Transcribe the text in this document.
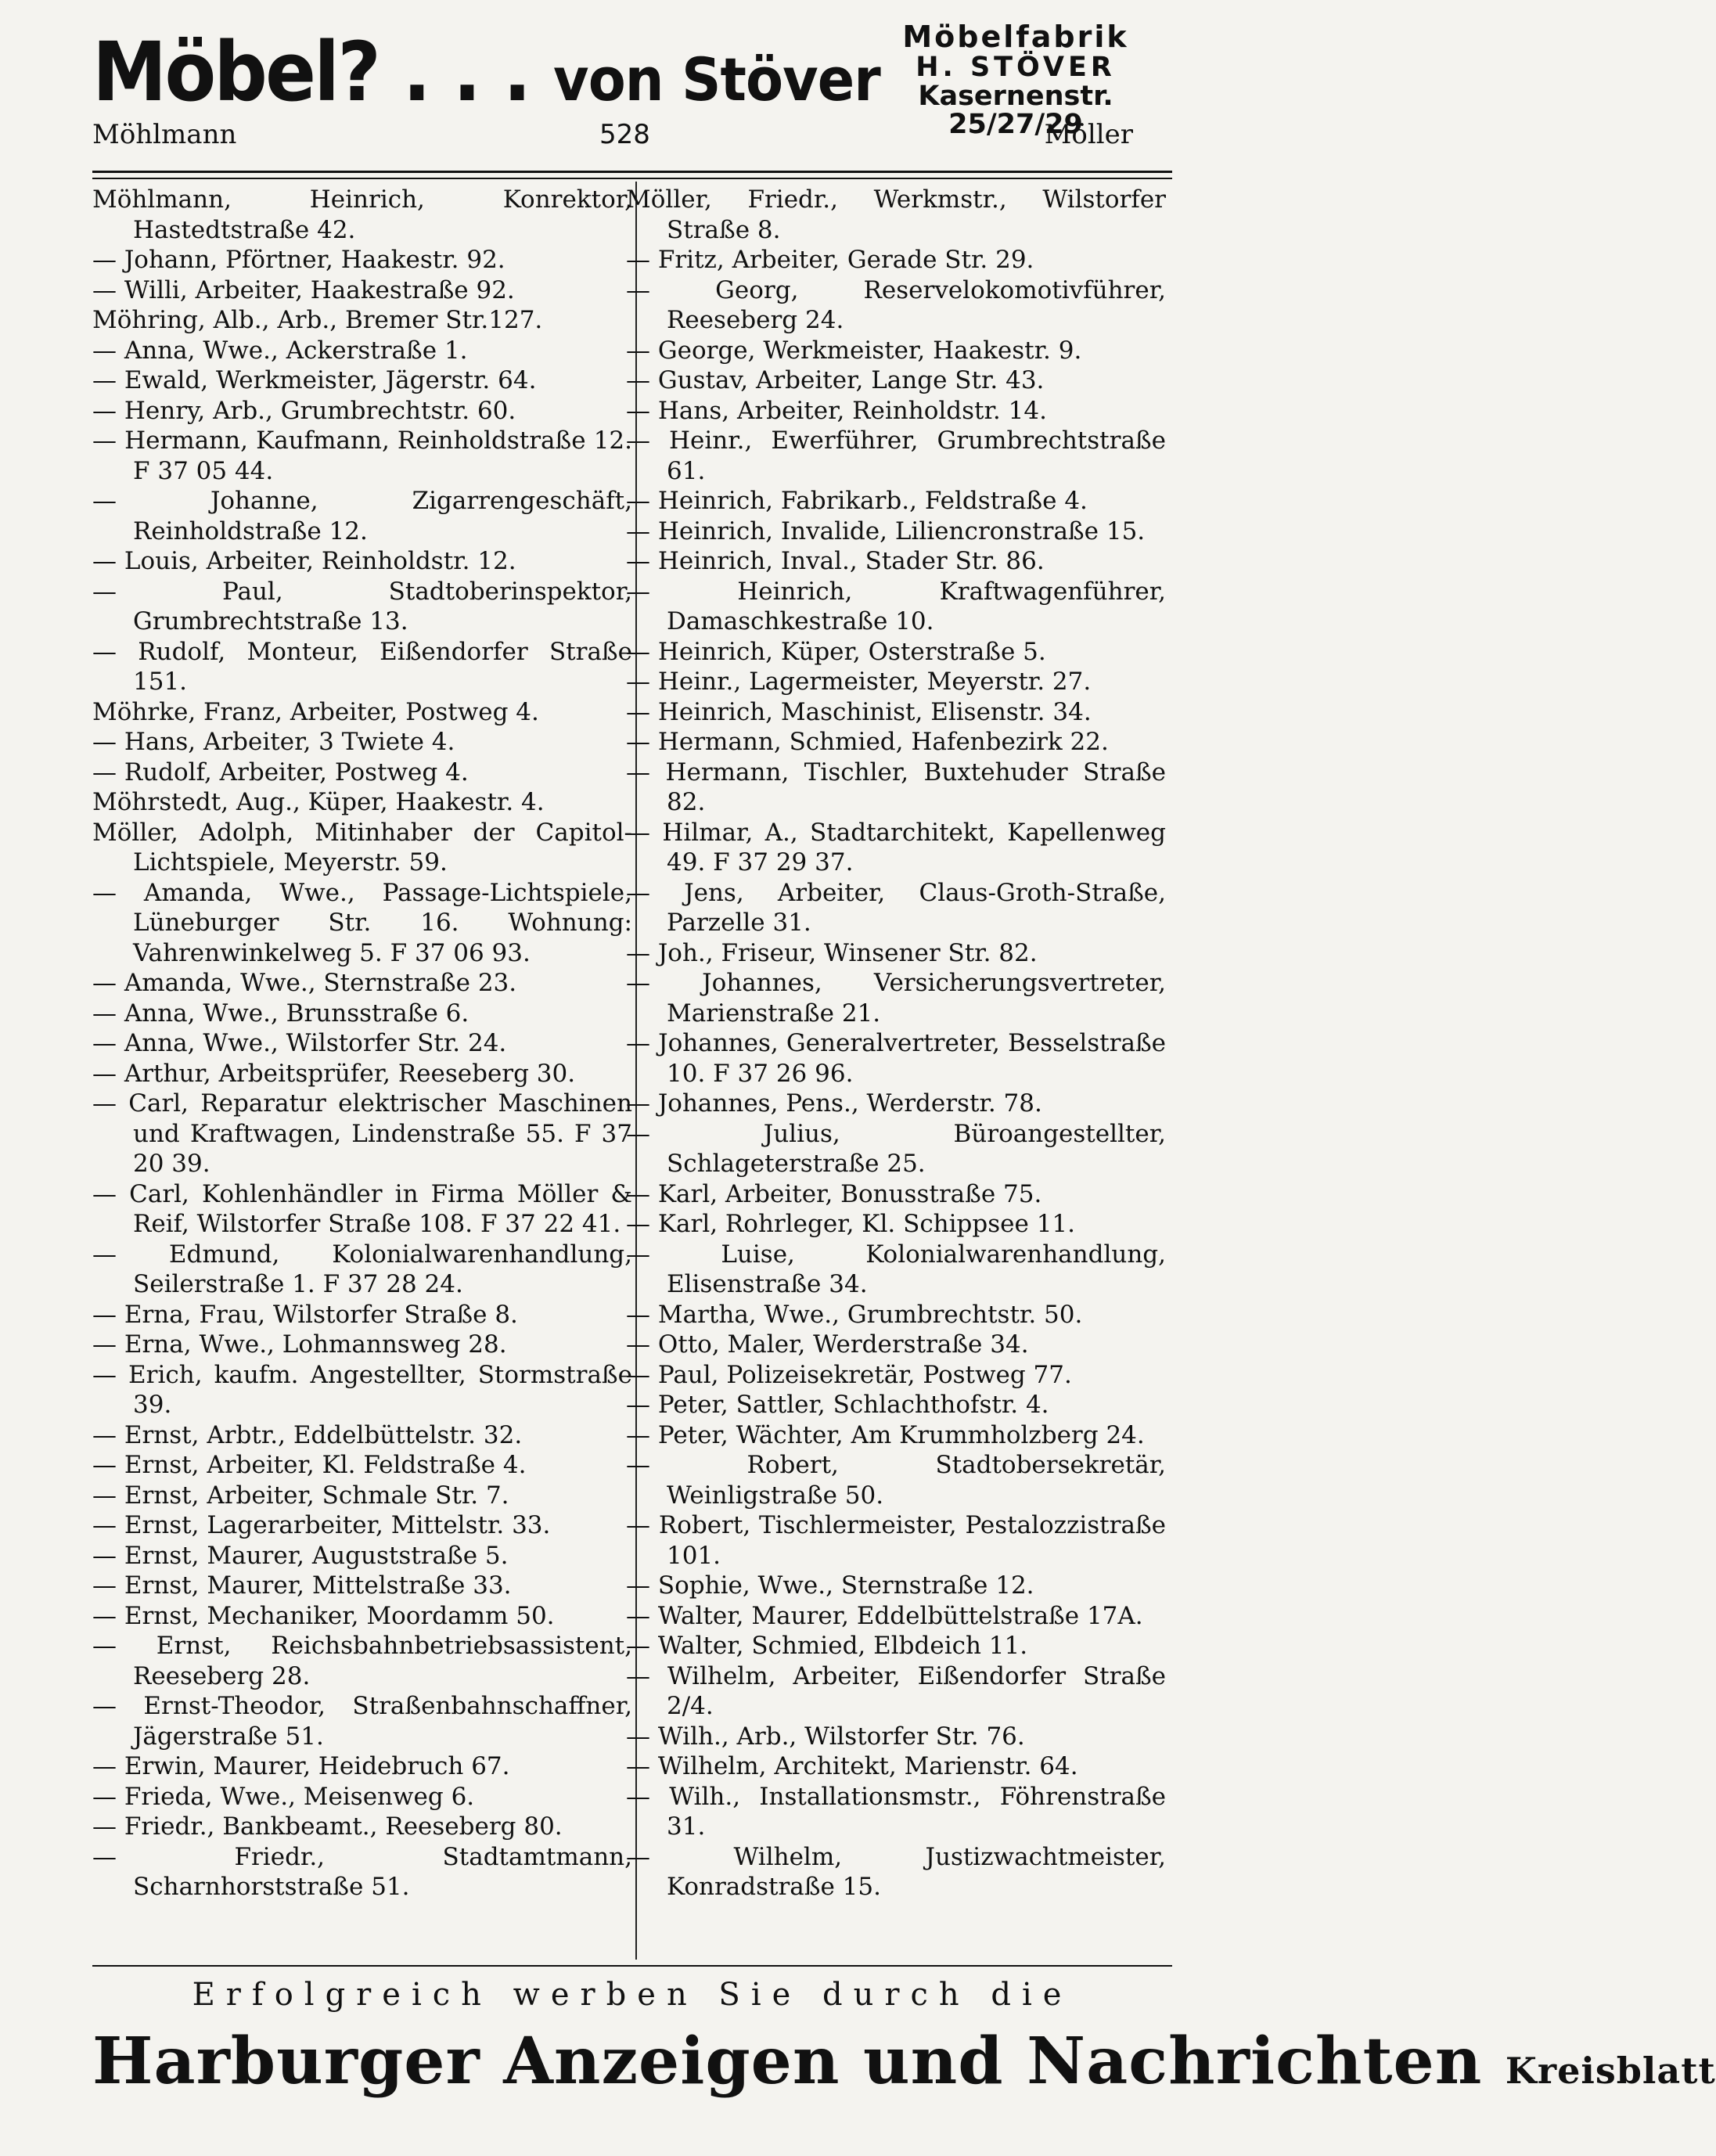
Möbel? . . . von Stöver
Möbelfabrik
H. STÖVER
Kasernenstr. 25/27/29
Möhlmann	528	Möller

Möhlmann, Heinrich, Konrektor, Hastedtstraße 42.

— Johann, Pförtner, Haakestr. 92.

— Willi, Arbeiter, Haakestraße 92.

Möhring, Alb., Arb., Bremer Str.127.

— Anna, Wwe., Ackerstraße 1.

— Ewald, Werkmeister, Jägerstr. 64.

— Henry, Arb., Grumbrechtstr. 60.

— Hermann, Kaufmann, Reinholdstraße 12. F 37 05 44.

— Johanne, Zigarrengeschäft, Reinholdstraße 12.

— Louis, Arbeiter, Reinholdstr. 12.

— Paul, Stadtoberinspektor, Grumbrechtstraße 13.

— Rudolf, Monteur, Eißendorfer Straße 151.

Möhrke, Franz, Arbeiter, Postweg 4.

— Hans, Arbeiter, 3 Twiete 4.

— Rudolf, Arbeiter, Postweg 4.

Möhrstedt, Aug., Küper, Haakestr. 4.

Möller, Adolph, Mitinhaber der Capitol-Lichtspiele, Meyerstr. 59.

— Amanda, Wwe., Passage-Lichtspiele, Lüneburger Str. 16. Wohnung: Vahrenwinkelweg 5. F 37 06 93.

— Amanda, Wwe., Sternstraße 23.

— Anna, Wwe., Brunsstraße 6.

— Anna, Wwe., Wilstorfer Str. 24.

— Arthur, Arbeitsprüfer, Reeseberg 30.

— Carl, Reparatur elektrischer Maschinen und Kraftwagen, Lindenstraße 55. F 37 20 39.

— Carl, Kohlenhändler in Firma Möller & Reif, Wilstorfer Straße 108. F 37 22 41.

— Edmund, Kolonialwarenhandlung, Seilerstraße 1. F 37 28 24.

— Erna, Frau, Wilstorfer Straße 8.

— Erna, Wwe., Lohmannsweg 28.

— Erich, kaufm. Angestellter, Stormstraße 39.

— Ernst, Arbtr., Eddelbüttelstr. 32.

— Ernst, Arbeiter, Kl. Feldstraße 4.

— Ernst, Arbeiter, Schmale Str. 7.

— Ernst, Lagerarbeiter, Mittelstr. 33.

— Ernst, Maurer, Auguststraße 5.

— Ernst, Maurer, Mittelstraße 33.

— Ernst, Mechaniker, Moordamm 50.

— Ernst, Reichsbahnbetriebsassistent, Reeseberg 28.

— Ernst-Theodor, Straßenbahnschaffner, Jägerstraße 51.

— Erwin, Maurer, Heidebruch 67.

— Frieda, Wwe., Meisenweg 6.

— Friedr., Bankbeamt., Reeseberg 80.

— Friedr., Stadtamtmann, Scharnhorststraße 51.

Möller, Friedr., Werkmstr., Wilstorfer Straße 8.

— Fritz, Arbeiter, Gerade Str. 29.

— Georg, Reservelokomotivführer, Reeseberg 24.

— George, Werkmeister, Haakestr. 9.

— Gustav, Arbeiter, Lange Str. 43.

— Hans, Arbeiter, Reinholdstr. 14.

— Heinr., Ewerführer, Grumbrechtstraße 61.

— Heinrich, Fabrikarb., Feldstraße 4.

— Heinrich, Invalide, Liliencronstraße 15.

— Heinrich, Inval., Stader Str. 86.

— Heinrich, Kraftwagenführer, Damaschkestraße 10.

— Heinrich, Küper, Osterstraße 5.

— Heinr., Lagermeister, Meyerstr. 27.

— Heinrich, Maschinist, Elisenstr. 34.

— Hermann, Schmied, Hafenbezirk 22.

— Hermann, Tischler, Buxtehuder Straße 82.

— Hilmar, A., Stadtarchitekt, Kapellenweg 49. F 37 29 37.

— Jens, Arbeiter, Claus-Groth-Straße, Parzelle 31.

— Joh., Friseur, Winsener Str. 82.

— Johannes, Versicherungsvertreter, Marienstraße 21.

— Johannes, Generalvertreter, Besselstraße 10. F 37 26 96.

— Johannes, Pens., Werderstr. 78.

— Julius, Büroangestellter, Schlageterstraße 25.

— Karl, Arbeiter, Bonusstraße 75.

— Karl, Rohrleger, Kl. Schippsee 11.

— Luise, Kolonialwarenhandlung, Elisenstraße 34.

— Martha, Wwe., Grumbrechtstr. 50.

— Otto, Maler, Werderstraße 34.

— Paul, Polizeisekretär, Postweg 77.

— Peter, Sattler, Schlachthofstr. 4.

— Peter, Wächter, Am Krummholzberg 24.

— Robert, Stadtobersekretär, Weinligstraße 50.

— Robert, Tischlermeister, Pestalozzistraße 101.

— Sophie, Wwe., Sternstraße 12.

— Walter, Maurer, Eddelbüttelstraße 17A.

— Walter, Schmied, Elbdeich 11.

— Wilhelm, Arbeiter, Eißendorfer Straße 2/4.

— Wilh., Arb., Wilstorfer Str. 76.

— Wilhelm, Architekt, Marienstr. 64.

— Wilh., Installationsmstr., Föhrenstraße 31.

— Wilhelm, Justizwachtmeister, Konradstraße 15.

Erfolgreich werben Sie durch die
Harburger Anzeigen und Nachrichten Kreisblatt
